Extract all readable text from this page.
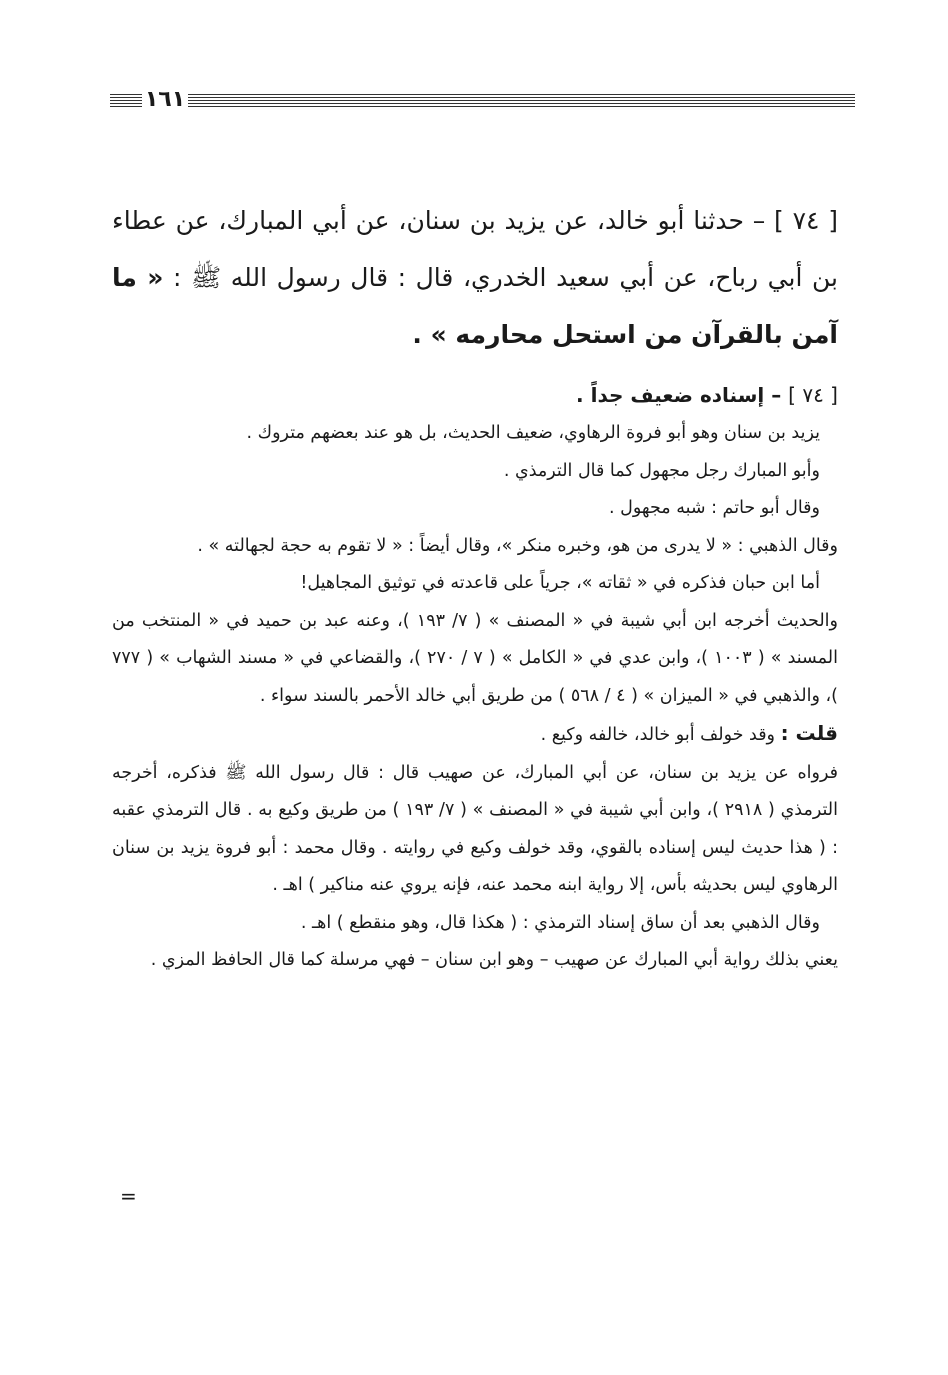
١٦١

[ ٧٤ ] – حدثنا أبو خالد، عن يزيد بن سنان، عن أبي المبارك، عن عطاء بن أبي رباح، عن أبي سعيد الخدري، قال : قال رسول الله ﷺ : « ما آمن بالقرآن من استحل محارمه » .

[ ٧٤ ] – إسناده ضعيف جداً .

يزيد بن سنان وهو أبو فروة الرهاوي، ضعيف الحديث، بل هو عند بعضهم متروك .

وأبو المبارك رجل مجهول كما قال الترمذي .

وقال أبو حاتم : شبه مجهول .

وقال الذهبي : « لا يدرى من هو، وخبره منكر »، وقال أيضاً : « لا تقوم به حجة لجهالته » .

أما ابن حبان فذكره في « ثقاته »، جرياً على قاعدته في توثيق المجاهيل!

والحديث أخرجه ابن أبي شيبة في « المصنف » ( ٧/ ١٩٣ )، وعنه عبد بن حميد في « المنتخب من المسند » ( ١٠٠٣ )، وابن عدي في « الكامل » ( ٧ / ٢٧٠ )، والقضاعي في « مسند الشهاب » ( ٧٧٧ )، والذهبي في « الميزان » ( ٤ / ٥٦٨ ) من طريق أبي خالد الأحمر بالسند سواء .

قلت : وقد خولف أبو خالد، خالفه وكيع .

فرواه عن يزيد بن سنان، عن أبي المبارك، عن صهيب قال : قال رسول الله ﷺ فذكره، أخرجه الترمذي ( ٢٩١٨ )، وابن أبي شيبة في « المصنف » ( ٧/ ١٩٣ ) من طريق وكيع به . قال الترمذي عقبه : ( هذا حديث ليس إسناده بالقوي، وقد خولف وكيع في روايته . وقال محمد : أبو فروة يزيد بن سنان الرهاوي ليس بحديثه بأس، إلا رواية ابنه محمد عنه، فإنه يروي عنه مناكير ) اهـ .

وقال الذهبي بعد أن ساق إسناد الترمذي : ( هكذا قال، وهو منقطع ) اهـ .

يعني بذلك رواية أبي المبارك عن صهيب – وهو ابن سنان – فهي مرسلة كما قال الحافظ المزي .

=
